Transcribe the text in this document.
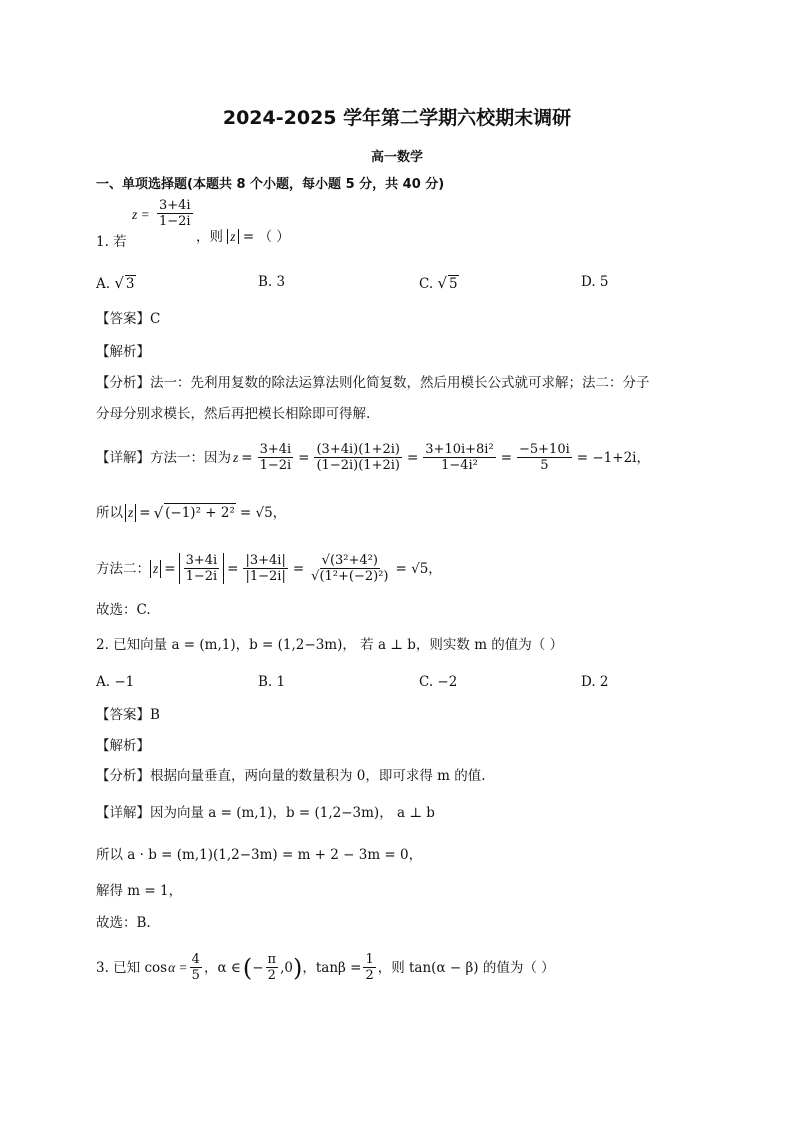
2024-2025 学年第二学期六校期末调研
高一数学
一、单项选择题(本题共 8 个小题，每小题 5 分，共 40 分)
$z = \frac{3+4i}{1-2i}$
1. 若	，则 z = （ ）
A. √ 3	B. 3	C. √ 5	D. 5
【答案】C
【解析】
【分析】法一：先利用复数的除法运算法则化简复数，然后用模长公式就可求解；法二：分子
分母分别求模长，然后再把模长相除即可得解.
【详解】方法一：因为 $z = \frac{3+4i}{1-2i} = \frac{(3+4i)(1+2i)}{(1-2i)(1+2i)} = \frac{\text{3+10i+8i²}}{\text{1−4i²}} = \frac{-5+10i}{5} = -1+2i$，
所以 z = √ (−1)² + 2² = √5，
方法二： $z = \frac{3+4i}{1-2i} = \frac{|3+4i|}{|1-2i|} = \frac{\text{√(3²+4²)}}{\text{√(1²+(−2)²)}} = √5$，
故选：C.
2. 已知向量 a = (m,1)，b = (1,2−3m)， 若 a ⊥ b，则实数 m 的值为（ ）
A. −1	B. 1	C. −2	D. 2
【答案】B
【解析】
【分析】根据向量垂直，两向量的数量积为 0，即可求得 m 的值.
【详解】因为向量 a = (m,1)，b = (1,2−3m)， a ⊥ b
所以 a · b = (m,1)(1,2−3m) = m + 2 − 3m = 0，
解得 m = 1，
故选：B.
3. 已知 $\cos \alpha = \frac{4}{5}$ ，α ∈ ( − $\frac{\pi}{2} ,0$ ) ，$\tan\beta = \frac{1}{2}$ ，则 tan(α − β) 的值为（ ）
